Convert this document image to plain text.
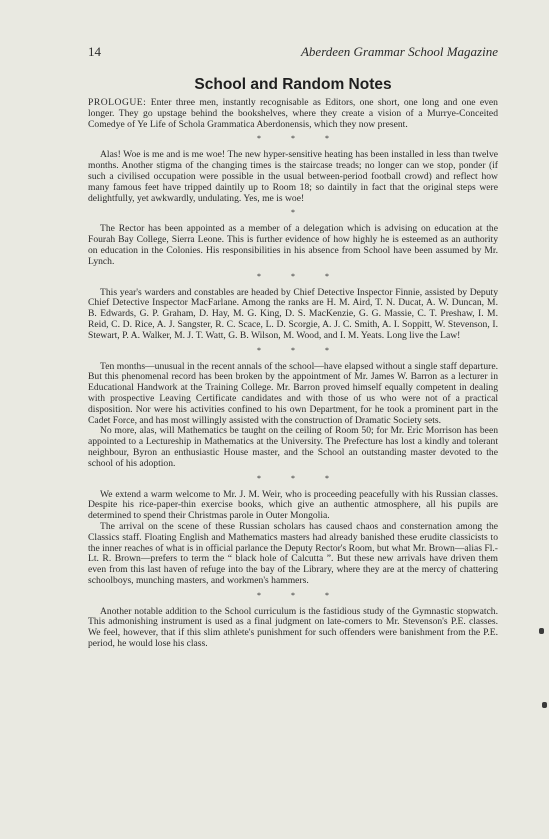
14	Aberdeen Grammar School Magazine
School and Random Notes

PROLOGUE: Enter three men, instantly recognisable as Editors, one short, one long and one even longer. They go upstage behind the bookshelves, where they create a vision of a Murrye-Conceited Comedye of Ye Life of Schola Grammatica Aberdonensis, which they now present.

* * *

Alas! Woe is me and is me woe! The new hyper-sensitive heating has been installed in less than twelve months. Another stigma of the changing times is the staircase treads; no longer can we stop, ponder (if such a civilised occupation were possible in the usual between-period football crowd) and reflect how many famous feet have tripped daintily up to Room 18; so daintily in fact that the original steps were delightfully, yet awkwardly, undulating. Yes, me is woe!

*

The Rector has been appointed as a member of a delegation which is advising on education at the Fourah Bay College, Sierra Leone. This is further evidence of how highly he is esteemed as an authority on education in the Colonies. His responsibilities in his absence from School have been assumed by Mr. Lynch.

* * *

This year's warders and constables are headed by Chief Detective Inspector Finnie, assisted by Deputy Chief Detective Inspector MacFarlane. Among the ranks are H. M. Aird, T. N. Ducat, A. W. Duncan, M. B. Edwards, G. P. Graham, D. Hay, M. G. King, D. S. MacKenzie, G. G. Massie, C. T. Preshaw, I. M. Reid, C. D. Rice, A. J. Sangster, R. C. Scace, L. D. Scorgie, A. J. C. Smith, A. I. Soppitt, W. Stevenson, I. Stewart, P. A. Walker, M. J. T. Watt, G. B. Wilson, M. Wood, and I. M. Yeats. Long live the Law!

* * *

Ten months—unusual in the recent annals of the school—have elapsed without a single staff departure. But this phenomenal record has been broken by the appointment of Mr. James W. Barron as a lecturer in Educational Handwork at the Training College. Mr. Barron proved himself equally competent in dealing with prospective Leaving Certificate candidates and with those of us who were not of a practical disposition. Nor were his activities confined to his own Department, for he took a prominent part in the Cadet Force, and has most willingly assisted with the construction of Dramatic Society sets.

No more, alas, will Mathematics be taught on the ceiling of Room 50; for Mr. Eric Morrison has been appointed to a Lectureship in Mathematics at the University. The Prefecture has lost a kindly and tolerant neighbour, Byron an enthusiastic House master, and the School an outstanding master devoted to the school of his adoption.

* * *

We extend a warm welcome to Mr. J. M. Weir, who is proceeding peacefully with his Russian classes. Despite his rice-paper-thin exercise books, which give an authentic atmosphere, all his pupils are determined to spend their Christmas parole in Outer Mongolia.

The arrival on the scene of these Russian scholars has caused chaos and consternation among the Classics staff. Floating English and Mathematics masters had already banished these erudite classicists to the inner reaches of what is in official parlance the Deputy Rector's Room, but what Mr. Brown—alias Fl.-Lt. R. Brown—prefers to term the “ black hole of Calcutta ”. But these new arrivals have driven them even from this last haven of refuge into the bay of the Library, where they are at the mercy of chattering schoolboys, munching masters, and workmen's hammers.

* * *

Another notable addition to the School curriculum is the fastidious study of the Gymnastic stopwatch. This admonishing instrument is used as a final judgment on late-comers to Mr. Stevenson's P.E. classes. We feel, however, that if this slim athlete's punishment for such offenders were banishment from the P.E. period, he would lose his class.
